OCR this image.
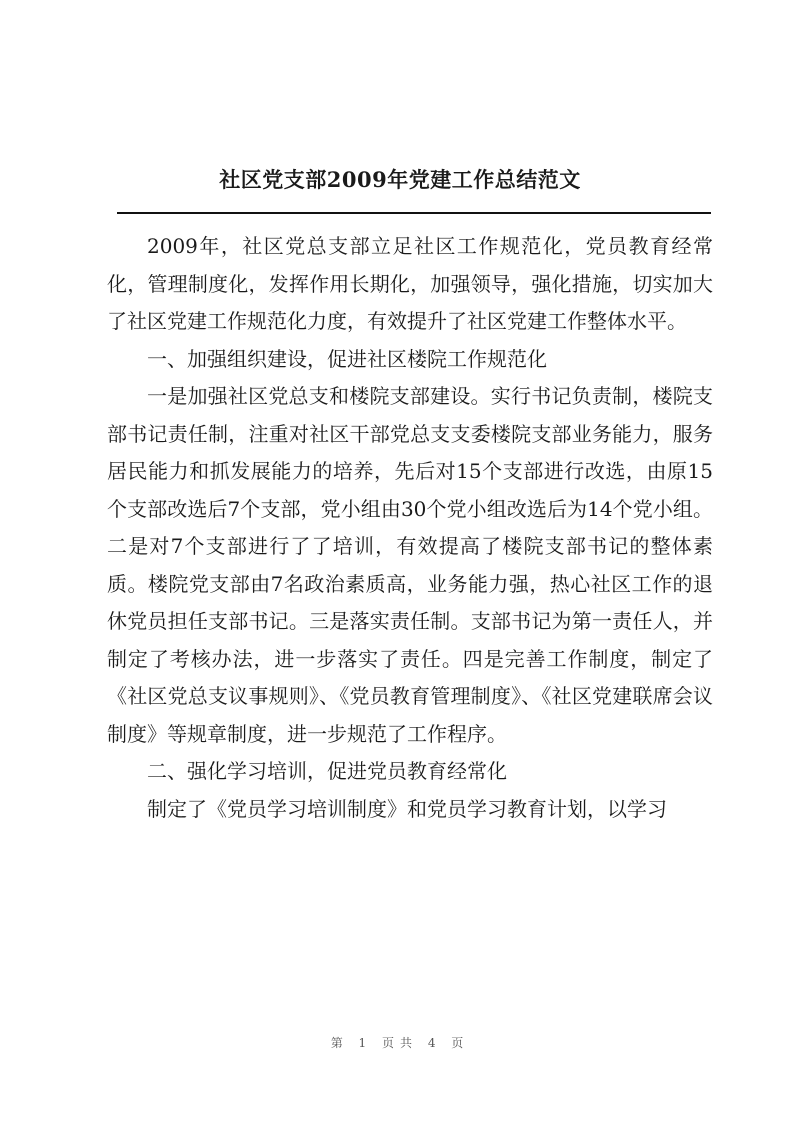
社区党支部2009年党建工作总结范文

2009年，社区党总支部立足社区工作规范化，党员教育经常化，管理制度化，发挥作用长期化，加强领导，强化措施，切实加大了社区党建工作规范化力度，有效提升了社区党建工作整体水平。

一、加强组织建设，促进社区楼院工作规范化

一是加强社区党总支和楼院支部建设。实行书记负责制，楼院支部书记责任制，注重对社区干部党总支支委楼院支部业务能力，服务居民能力和抓发展能力的培养，先后对15个支部进行改选，由原15个支部改选后7个支部，党小组由30个党小组改选后为14个党小组。二是对7个支部进行了了培训，有效提高了楼院支部书记的整体素质。楼院党支部由7名政治素质高，业务能力强，热心社区工作的退休党员担任支部书记。三是落实责任制。支部书记为第一责任人，并制定了考核办法，进一步落实了责任。四是完善工作制度，制定了《社区党总支议事规则》、《党员教育管理制度》、《社区党建联席会议制度》等规章制度，进一步规范了工作程序。

二、强化学习培训，促进党员教育经常化

制定了《党员学习培训制度》和党员学习教育计划，以学习

第 1 页共 4 页
